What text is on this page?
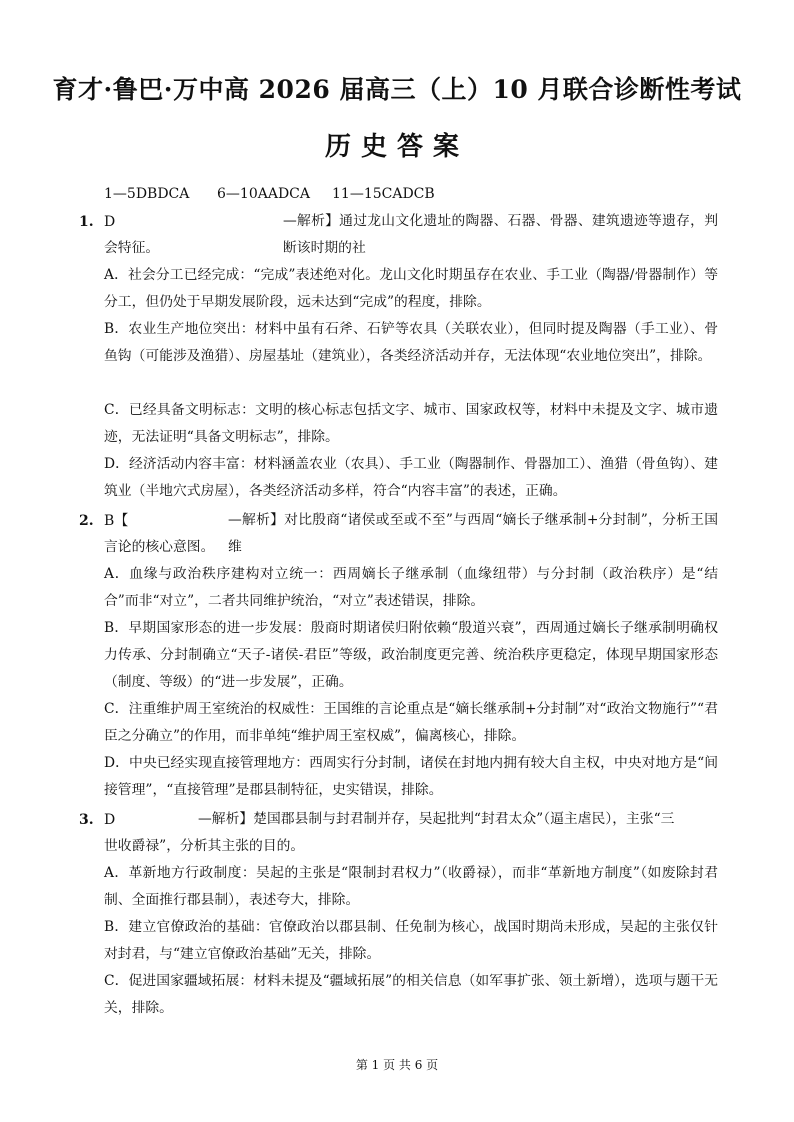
育才·鲁巴·万中高 2026 届高三（上）10 月联合诊断性考试
历史答案
1—5DBDCA 6—10AADCA 11—15CADCB
1. D	—解析】通过龙山文化遗址的陶器、石器、骨器、建筑遗迹等遗存，判断该时期的社
会特征。
A．社会分工已经完成：“完成”表述绝对化。龙山文化时期虽存在农业、手工业（陶器/骨器制作）等分工，但仍处于早期发展阶段，远未达到“完成”的程度，排除。
B．农业生产地位突出：材料中虽有石斧、石铲等农具（关联农业），但同时提及陶器（手工业）、骨鱼钩（可能涉及渔猎）、房屋基址（建筑业），各类经济活动并存，无法体现“农业地位突出”，排除。
C．已经具备文明标志：文明的核心标志包括文字、城市、国家政权等，材料中未提及文字、城市遗迹，无法证明“具备文明标志”，排除。
D．经济活动内容丰富：材料涵盖农业（农具）、手工业（陶器制作、骨器加工）、渔猎（骨鱼钩）、建筑业（半地穴式房屋），各类经济活动多样，符合“内容丰富”的表述，正确。
2. B【	—解析】对比殷商“诸侯或至或不至”与西周“嫡长子继承制+分封制”，分析王国维
言论的核心意图。
A．血缘与政治秩序建构对立统一：西周嫡长子继承制（血缘纽带）与分封制（政治秩序）是“结合”而非“对立”，二者共同维护统治，“对立”表述错误，排除。
B．早期国家形态的进一步发展：殷商时期诸侯归附依赖“殷道兴衰”，西周通过嫡长子继承制明确权力传承、分封制确立“天子-诸侯-君臣”等级，政治制度更完善、统治秩序更稳定，体现早期国家形态（制度、等级）的“进一步发展”，正确。
C．注重维护周王室统治的权威性：王国维的言论重点是“嫡长继承制+分封制”对“政治文物施行”“君臣之分确立”的作用，而非单纯“维护周王室权威”，偏离核心，排除。
D．中央已经实现直接管理地方：西周实行分封制，诸侯在封地内拥有较大自主权，中央对地方是“间接管理”，“直接管理”是郡县制特征，史实错误，排除。
3. D	—解析】楚国郡县制与封君制并存，吴起批判“封君太众”（逼主虐民），主张“三
世收爵禄”，分析其主张的目的。
A．革新地方行政制度：吴起的主张是“限制封君权力”（收爵禄），而非“革新地方制度”（如废除封君制、全面推行郡县制），表述夸大，排除。
B．建立官僚政治的基础：官僚政治以郡县制、任免制为核心，战国时期尚未形成，吴起的主张仅针对封君，与“建立官僚政治基础”无关，排除。
C．促进国家疆域拓展：材料未提及“疆域拓展”的相关信息（如军事扩张、领土新增），选项与题干无关，排除。
第 1 页 共 6 页
